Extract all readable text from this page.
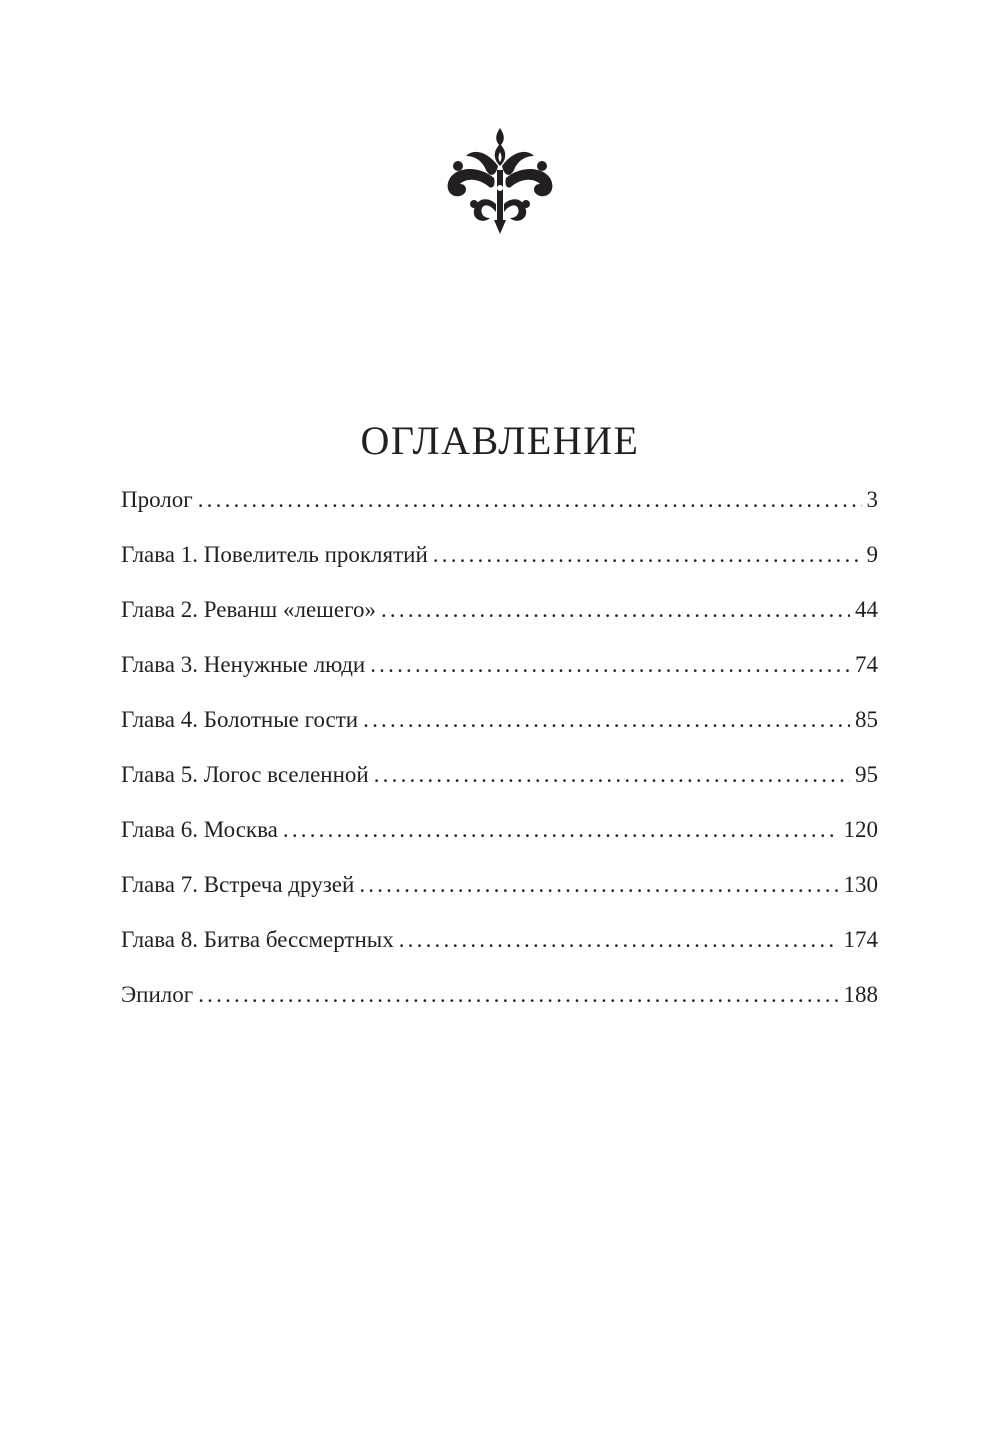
ОГЛАВЛЕНИЕ
Пролог .....	3
Глава 1. Повелитель проклятий .....	9
Глава 2. Реванш «лешего» .....	44
Глава 3. Ненужные люди .....	74
Глава 4. Болотные гости .....	85
Глава 5. Логос вселенной .....	95
Глава 6. Москва .....	120
Глава 7. Встреча друзей .....	130
Глава 8. Битва бессмертных .....	174
Эпилог .....	188
